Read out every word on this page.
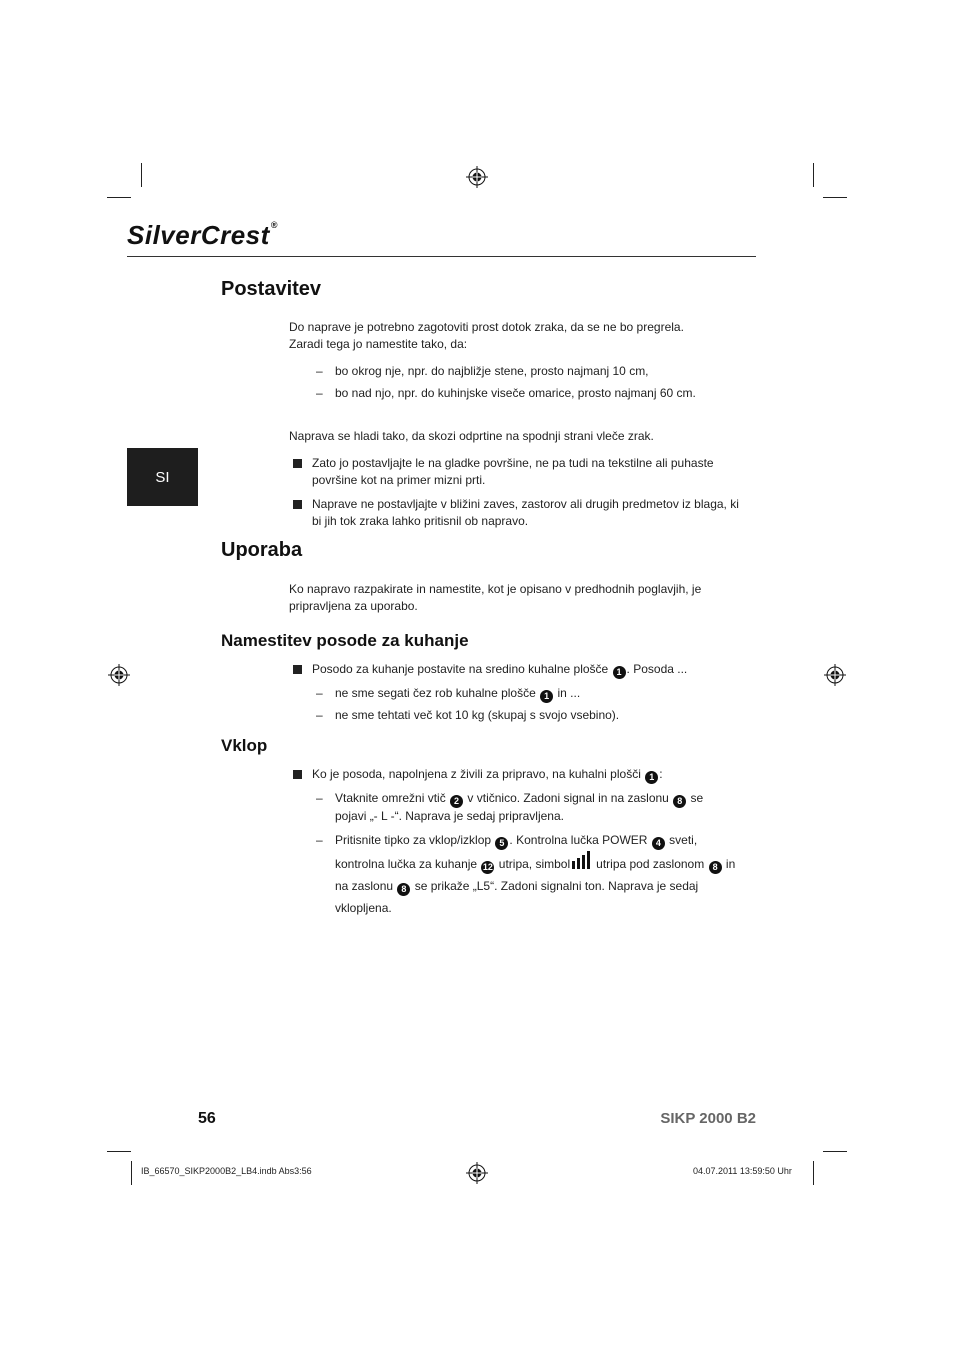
SilverCrest®
SI
Postavitev
Do naprave je potrebno zagotoviti prost dotok zraka, da se ne bo pregrela.
Zaradi tega jo namestite tako, da:
– bo okrog nje, npr. do najbližje stene, prosto najmanj 10 cm,
– bo nad njo, npr. do kuhinjske viseče omarice, prosto najmanj 60 cm.
Naprava se hladi tako, da skozi odprtine na spodnji strani vleče zrak.
Zato jo postavljajte le na gladke površine, ne pa tudi na tekstilne ali puhaste površine kot na primer mizni prti.
Naprave ne postavljajte v bližini zaves, zastorov ali drugih predmetov iz blaga, ki bi jih tok zraka lahko pritisnil ob napravo.
Uporaba
Ko napravo razpakirate in namestite, kot je opisano v predhodnih poglavjih, je pripravljena za uporabo.
Namestitev posode za kuhanje
Posodo za kuhanje postavite na sredino kuhalne plošče 1 . Posoda ...
– ne sme segati čez rob kuhalne plošče 1 in ...
– ne sme tehtati več kot 10 kg (skupaj s svojo vsebino).
Vklop
Ko je posoda, napolnjena z živili za pripravo, na kuhalni plošči 1 :
– Vtaknite omrežni vtič 2 v vtičnico. Zadoni signal in na zaslonu 8 se pojavi „- L -“. Naprava je sedaj pripravljena.
– Pritisnite tipko za vklop/izklop 5 . Kontrolna lučka POWER 4 sveti, kontrolna lučka za kuhanje 12 utripa, simbol utripa pod zaslonom 8 in na zaslonu 8 se prikaže „L5“. Zadoni signalni ton. Naprava je sedaj vklopljena.
56	SIKP 2000 B2
IB_66570_SIKP2000B2_LB4.indb Abs3:56	04.07.2011 13:59:50 Uhr
